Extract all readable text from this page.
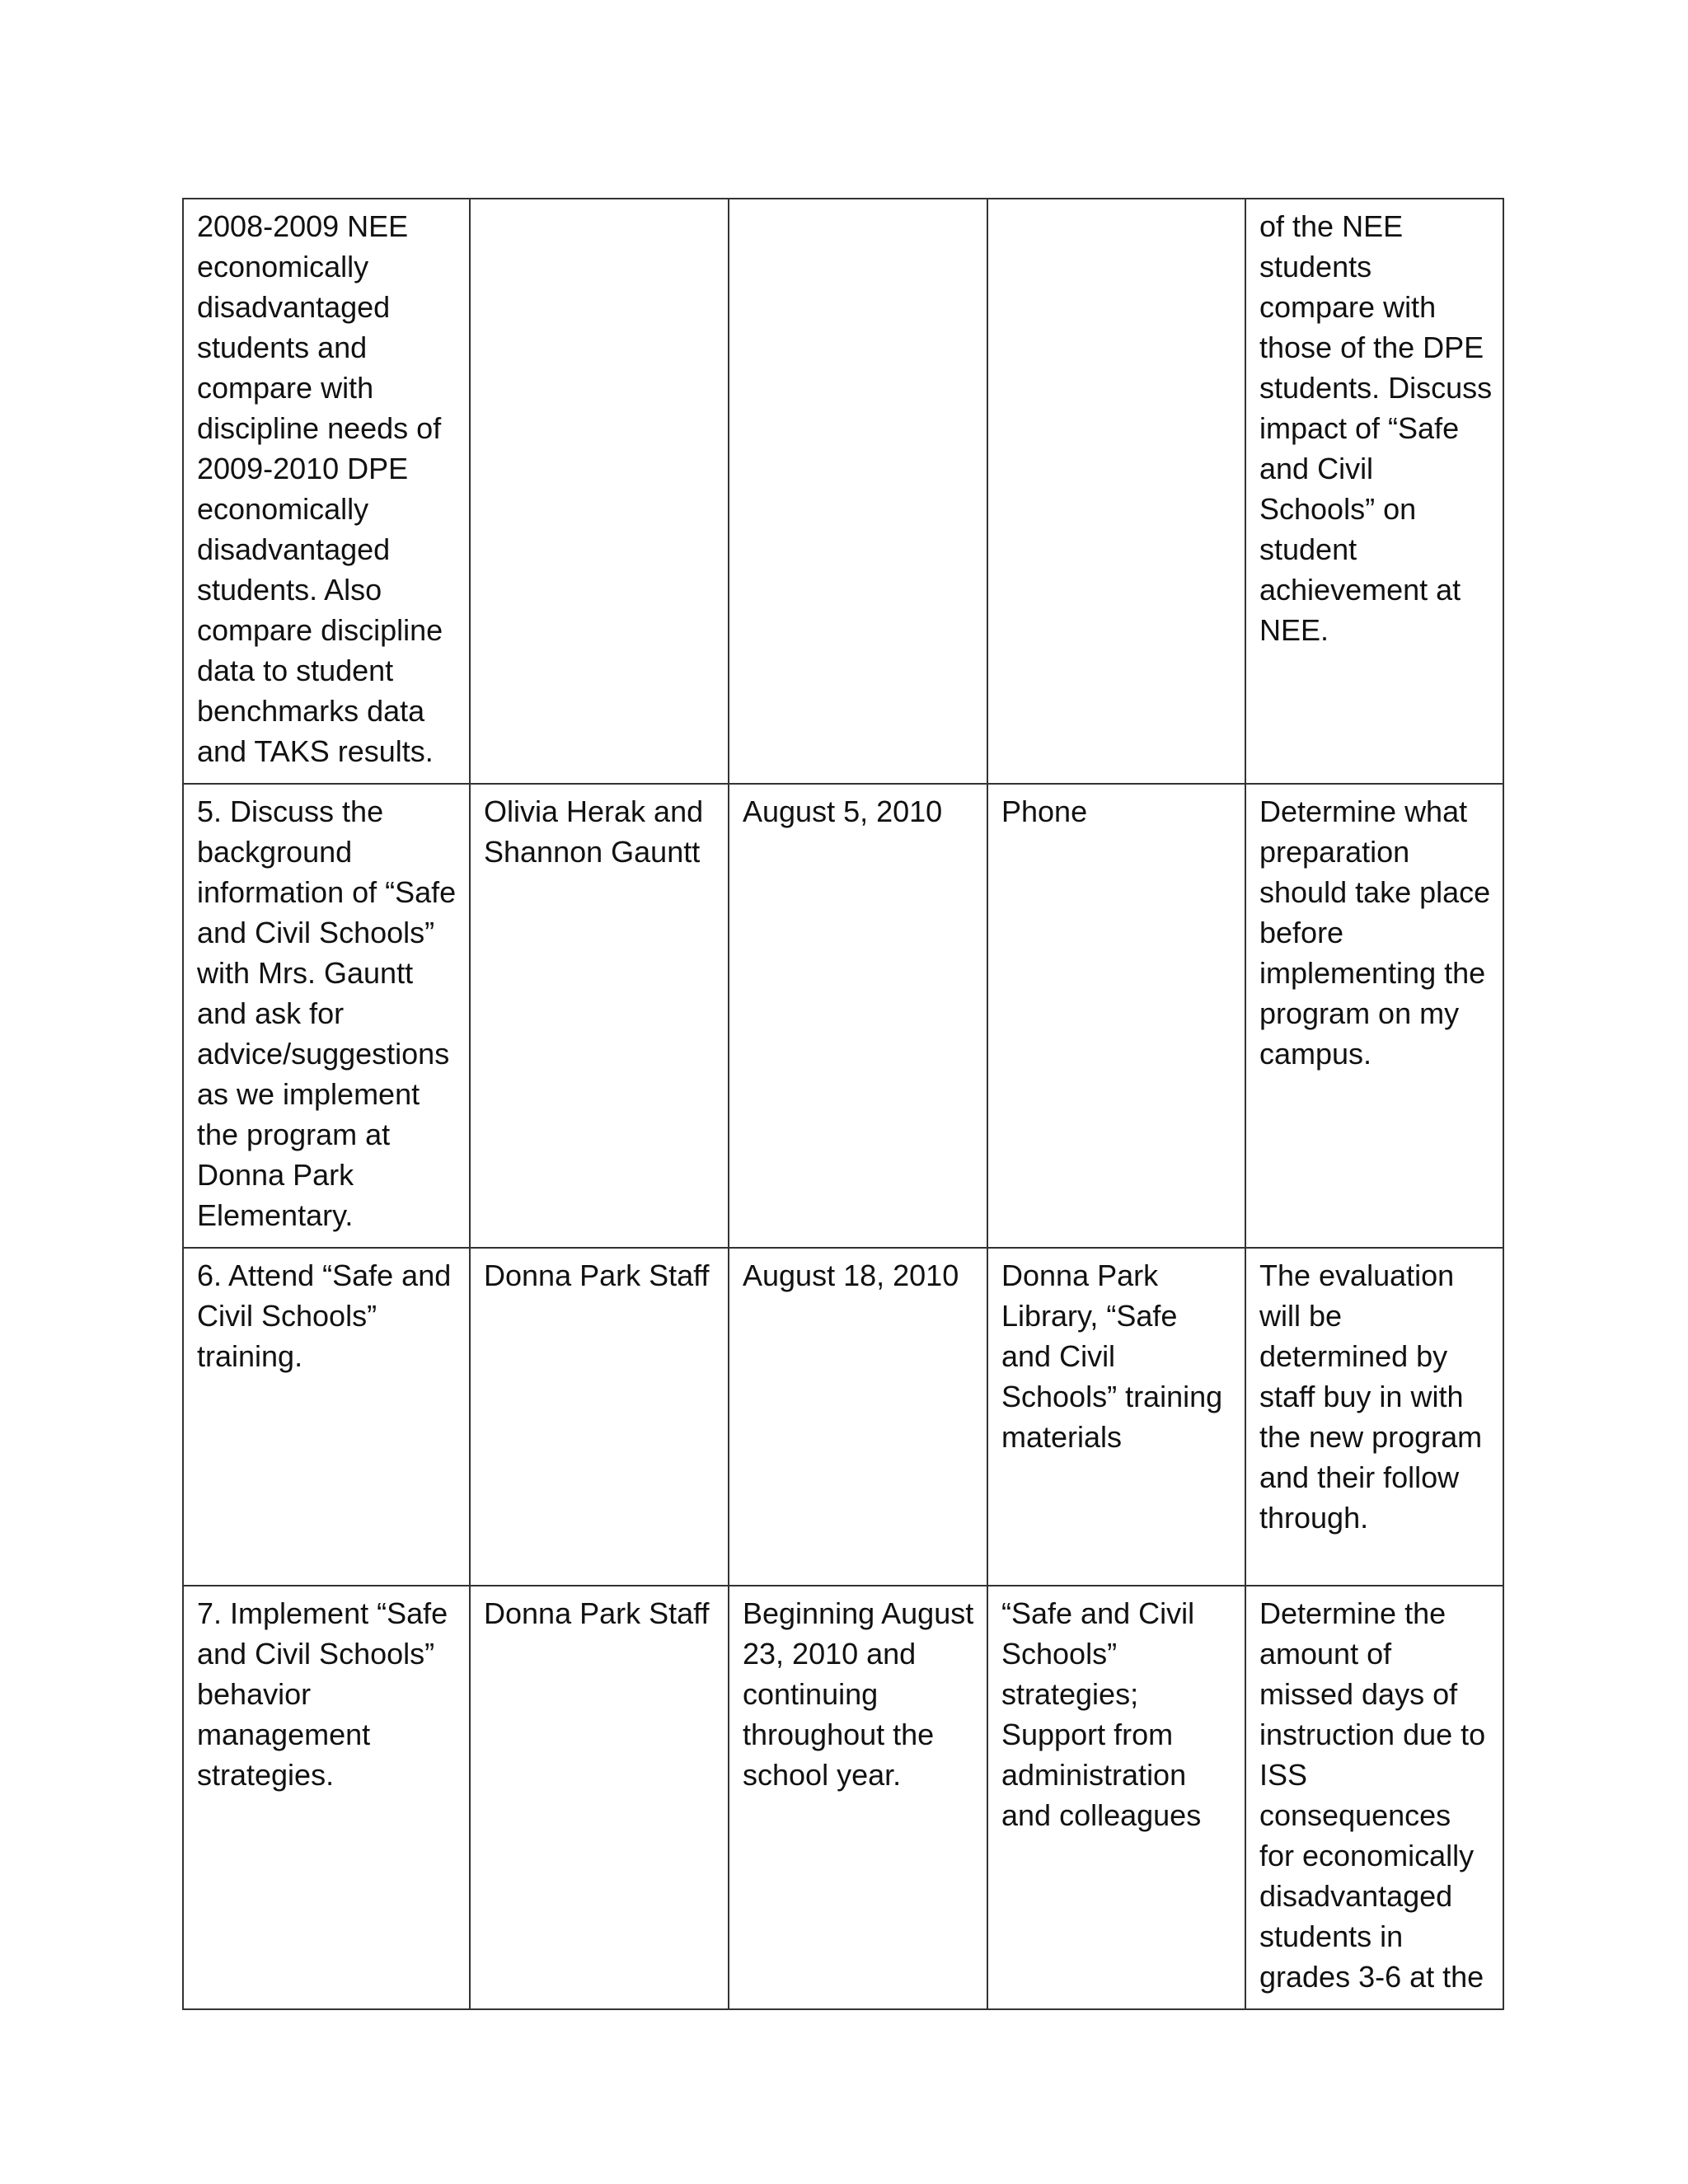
2008-2009 NEE economically disadvantaged students and compare with discipline needs of 2009-2010 DPE economically disadvantaged students. Also compare discipline data to student benchmarks data and TAKS results.				of the NEE students compare with those of the DPE students. Discuss impact of “Safe and Civil Schools” on student achievement at NEE.

5. Discuss the background information of “Safe and Civil Schools” with Mrs. Gauntt and ask for advice/suggestions as we implement the program at Donna Park Elementary.	Olivia Herak and Shannon Gauntt	August 5, 2010	Phone	Determine what preparation should take place before implementing the program on my campus.

6. Attend “Safe and Civil Schools” training.	Donna Park Staff	August 18, 2010	Donna Park Library, “Safe and Civil Schools” training materials	The evaluation will be determined by staff buy in with the new program and their follow through.

7. Implement “Safe and Civil Schools” behavior management strategies.	Donna Park Staff	Beginning August 23, 2010 and continuing throughout the school year.	“Safe and Civil Schools” strategies; Support from administration and colleagues	Determine the amount of missed days of instruction due to ISS consequences for economically disadvantaged students in grades 3-6 at the
